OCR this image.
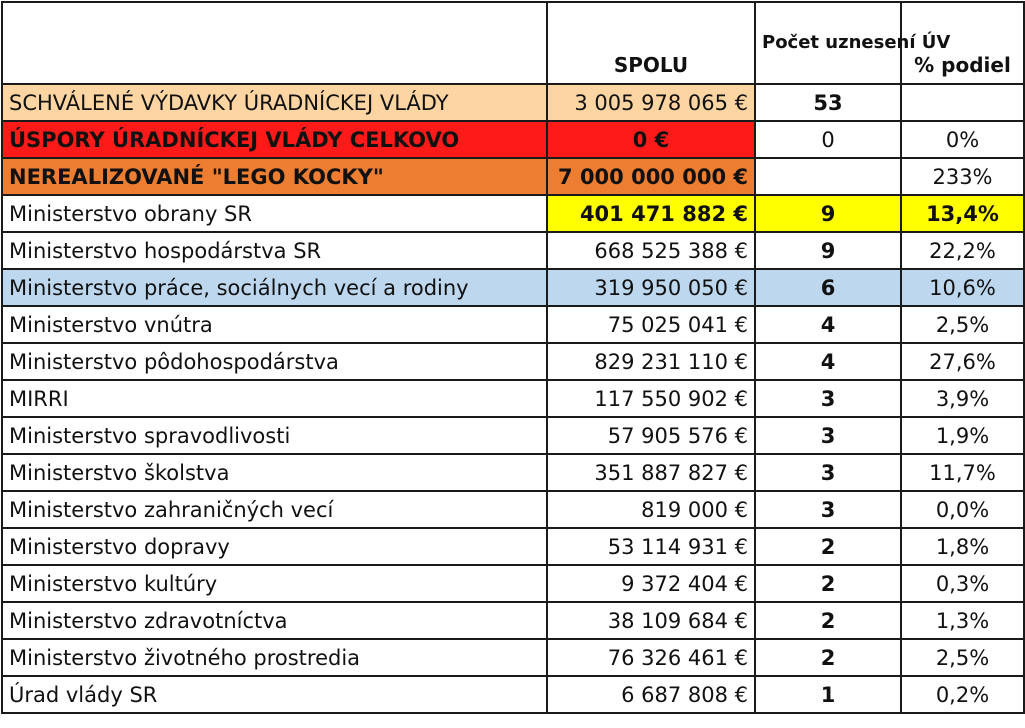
	SPOLU	Počet uznesení ÚV	% podiel
SCHVÁLENÉ VÝDAVKY ÚRADNÍCKEJ VLÁDY	3 005 978 065 €	53	
ÚSPORY ÚRADNÍCKEJ VLÁDY CELKOVO	0 €	0	0%
NEREALIZOVANÉ "LEGO KOCKY"	7 000 000 000 €		233%
Ministerstvo obrany SR	401 471 882 €	9	13,4%
Ministerstvo hospodárstva SR	668 525 388 €	9	22,2%
Ministerstvo práce, sociálnych vecí a rodiny	319 950 050 €	6	10,6%
Ministerstvo vnútra	75 025 041 €	4	2,5%
Ministerstvo pôdohospodárstva	829 231 110 €	4	27,6%
MIRRI	117 550 902 €	3	3,9%
Ministerstvo spravodlivosti	57 905 576 €	3	1,9%
Ministerstvo školstva	351 887 827 €	3	11,7%
Ministerstvo zahraničných vecí	819 000 €	3	0,0%
Ministerstvo dopravy	53 114 931 €	2	1,8%
Ministerstvo kultúry	9 372 404 €	2	0,3%
Ministerstvo zdravotníctva	38 109 684 €	2	1,3%
Ministerstvo životného prostredia	76 326 461 €	2	2,5%
Úrad vlády SR	6 687 808 €	1	0,2%
